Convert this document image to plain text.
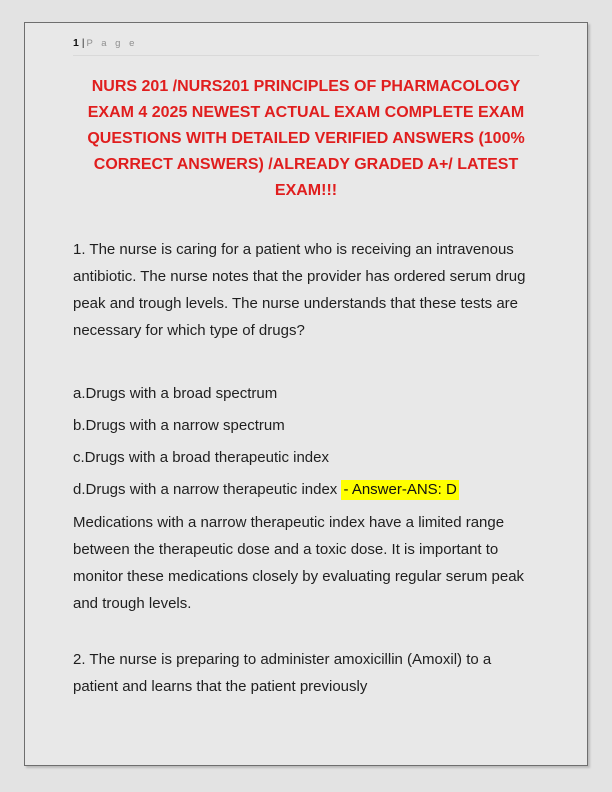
1 | P a g e
NURS 201 /NURS201 PRINCIPLES OF PHARMACOLOGY EXAM 4 2025 NEWEST ACTUAL EXAM COMPLETE EXAM QUESTIONS WITH DETAILED VERIFIED ANSWERS (100% CORRECT ANSWERS) /ALREADY GRADED A+/ LATEST EXAM!!!

1. The nurse is caring for a patient who is receiving an intravenous antibiotic. The nurse notes that the provider has ordered serum drug peak and trough levels. The nurse understands that these tests are necessary for which type of drugs?

a.Drugs with a broad spectrum

b.Drugs with a narrow spectrum

c.Drugs with a broad therapeutic index

d.Drugs with a narrow therapeutic index - Answer-ANS: D

Medications with a narrow therapeutic index have a limited range between the therapeutic dose and a toxic dose. It is important to monitor these medications closely by evaluating regular serum peak and trough levels.

2. The nurse is preparing to administer amoxicillin (Amoxil) to a patient and learns that the patient previously
